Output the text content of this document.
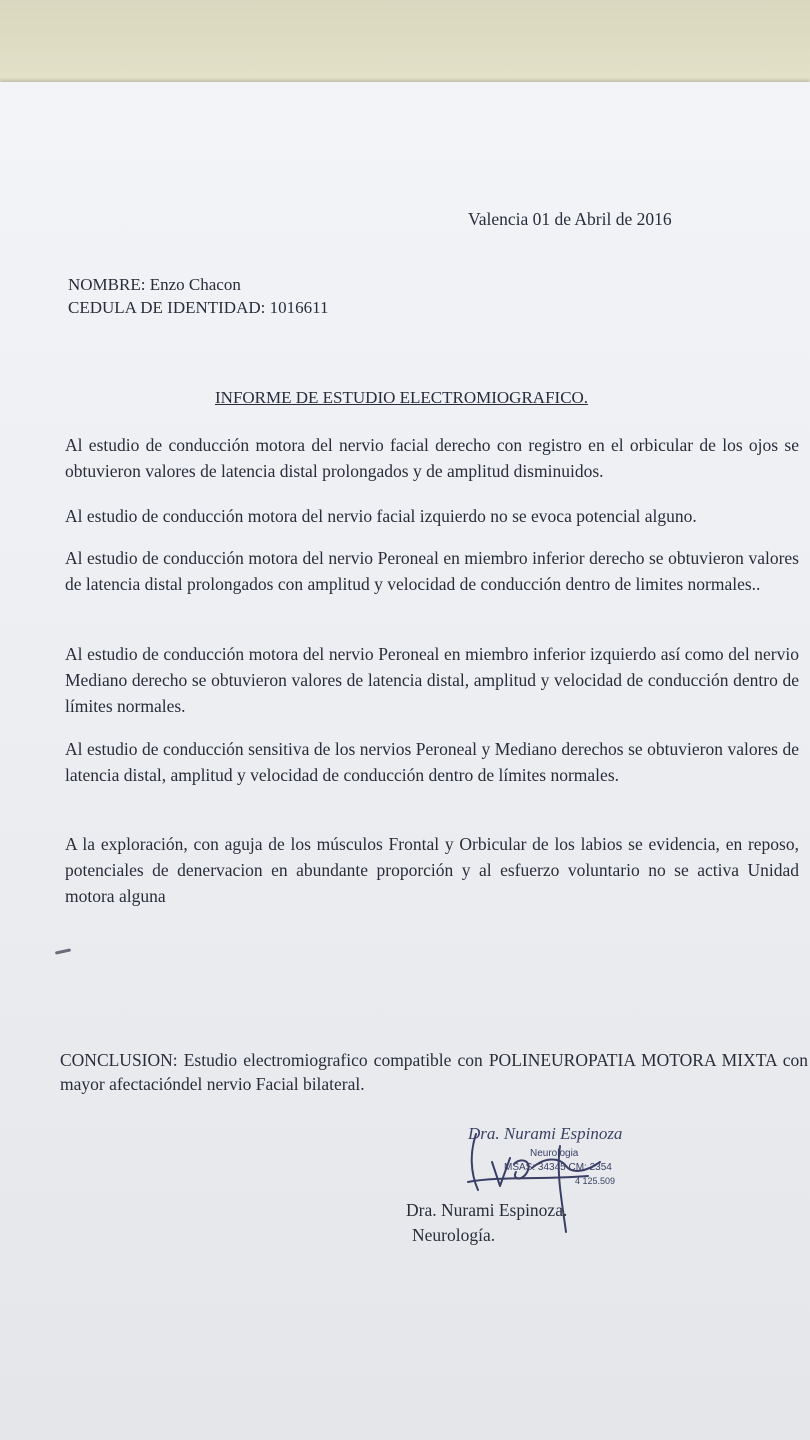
Valencia 01 de Abril de 2016
NOMBRE: Enzo Chacon
CEDULA DE IDENTIDAD: 1016611
INFORME DE ESTUDIO ELECTROMIOGRAFICO.
Al estudio de conducción motora del nervio facial derecho con registro en el orbicular de los ojos se obtuvieron valores de latencia distal prolongados y de amplitud disminuidos.
Al estudio de conducción motora del nervio facial izquierdo no se evoca potencial alguno.
Al estudio de conducción motora del nervio Peroneal en miembro inferior derecho se obtuvieron valores de latencia distal prolongados con amplitud y velocidad de conducción dentro de limites normales..
Al estudio de conducción motora del nervio Peroneal en miembro inferior izquierdo así como del nervio Mediano derecho se obtuvieron valores de latencia distal, amplitud y velocidad de conducción dentro de límites normales.
Al estudio de conducción sensitiva de los nervios Peroneal y Mediano derechos se obtuvieron valores de latencia distal, amplitud y velocidad de conducción dentro de límites normales.
A la exploración, con aguja de los músculos Frontal y Orbicular de los labios se evidencia, en reposo, potenciales de denervacion en abundante proporción y al esfuerzo voluntario no se activa Unidad motora alguna
CONCLUSION: Estudio electromiografico compatible con POLINEUROPATIA MOTORA MIXTA con mayor afectacióndel nervio Facial bilateral.
Dra. Nurami Espinoza
Neurologia
MSAS: 34345 CM: 2354
4 125.509
Dra. Nurami Espinoza.
Neurología.
